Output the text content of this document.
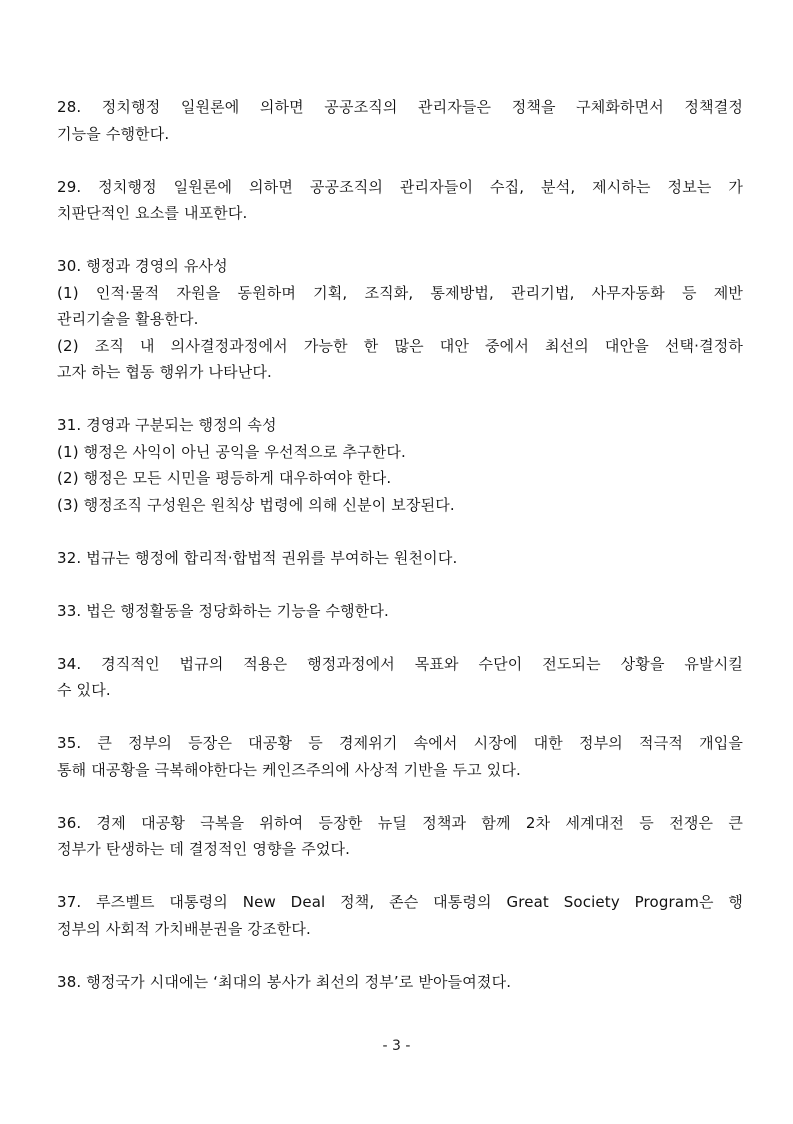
28. 정치행정 일원론에 의하면 공공조직의 관리자들은 정책을 구체화하면서 정책결정
기능을 수행한다.
29. 정치행정 일원론에 의하면 공공조직의 관리자들이 수집, 분석, 제시하는 정보는 가
치판단적인 요소를 내포한다.
30. 행정과 경영의 유사성
(1) 인적·물적 자원을 동원하며 기획, 조직화, 통제방법, 관리기법, 사무자동화 등 제반
관리기술을 활용한다.
(2) 조직 내 의사결정과정에서 가능한 한 많은 대안 중에서 최선의 대안을 선택·결정하
고자 하는 협동 행위가 나타난다.
31. 경영과 구분되는 행정의 속성
(1) 행정은 사익이 아닌 공익을 우선적으로 추구한다.
(2) 행정은 모든 시민을 평등하게 대우하여야 한다.
(3) 행정조직 구성원은 원칙상 법령에 의해 신분이 보장된다.
32. 법규는 행정에 합리적·합법적 권위를 부여하는 원천이다.
33. 법은 행정활동을 정당화하는 기능을 수행한다.
34. 경직적인 법규의 적용은 행정과정에서 목표와 수단이 전도되는 상황을 유발시킬
수 있다.
35. 큰 정부의 등장은 대공황 등 경제위기 속에서 시장에 대한 정부의 적극적 개입을
통해 대공황을 극복해야한다는 케인즈주의에 사상적 기반을 두고 있다.
36. 경제 대공황 극복을 위하여 등장한 뉴딜 정책과 함께 2차 세계대전 등 전쟁은 큰
정부가 탄생하는 데 결정적인 영향을 주었다.
37. 루즈벨트 대통령의 New Deal 정책, 존슨 대통령의 Great Society Program은 행
정부의 사회적 가치배분권을 강조한다.
38. 행정국가 시대에는 ‘최대의 봉사가 최선의 정부’로 받아들여졌다.
- 3 -
